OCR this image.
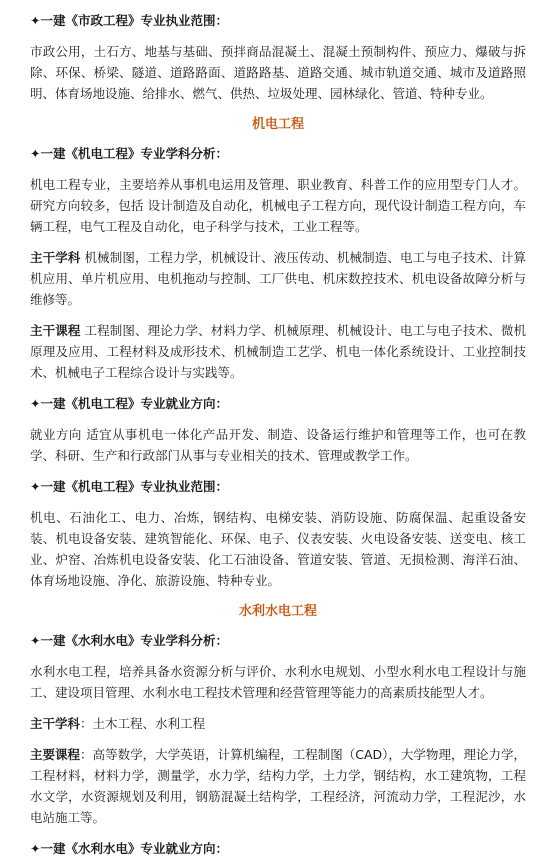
✦一建《市政工程》专业执业范围：
市政公用，土石方、地基与基础、预拌商品混凝土、混凝土预制构件、预应力、爆破与拆除、环保、桥梁、隧道、道路路面、道路路基、道路交通、城市轨道交通、城市及道路照明、体育场地设施、给排水、燃气、供热、垃圾处理、园林绿化、管道、特种专业。
机电工程
✦一建《机电工程》专业学科分析：
机电工程专业，主要培养从事机电运用及管理、职业教育、科普工作的应用型专门人才。研究方向较多，包括 设计制造及自动化，机械电子工程方向，现代设计制造工程方向，车辆工程，电气工程及自动化，电子科学与技术，工业工程等。
主干学科 机械制图，工程力学，机械设计、液压传动、机械制造、电工与电子技术、计算机应用、单片机应用、电机拖动与控制、工厂供电、机床数控技术、机电设备故障分析与维修等。
主干课程 工程制图、理论力学、材料力学、机械原理、机械设计、电工与电子技术、微机原理及应用、工程材料及成形技术、机械制造工艺学、机电一体化系统设计、工业控制技术、机械电子工程综合设计与实践等。
✦一建《机电工程》专业就业方向：
就业方向 适宜从事机电一体化产品开发、制造、设备运行维护和管理等工作，也可在教学、科研、生产和行政部门从事与专业相关的技术、管理或教学工作。
✦一建《机电工程》专业执业范围：
机电、石油化工、电力、冶炼，钢结构、电梯安装、消防设施、防腐保温、起重设备安装、机电设备安装、建筑智能化、环保、电子、仪表安装、火电设备安装、送变电、核工业、炉窑、冶炼机电设备安装、化工石油设备、管道安装、管道、无损检测、海洋石油、体育场地设施、净化、旅游设施、特种专业。
水利水电工程
✦一建《水利水电》专业学科分析：
水利水电工程，培养具备水资源分析与评价、水利水电规划、小型水利水电工程设计与施工、建设项目管理、水利水电工程技术管理和经营管理等能力的高素质技能型人才。
主干学科：土木工程、水利工程
主要课程：高等数学，大学英语，计算机编程，工程制图（CAD），大学物理，理论力学，工程材料，材料力学，测量学，水力学，结构力学，土力学，钢结构，水工建筑物，工程水文学，水资源规划及利用，钢筋混凝土结构学，工程经济，河流动力学，工程泥沙，水电站施工等。
✦一建《水利水电》专业就业方向：
